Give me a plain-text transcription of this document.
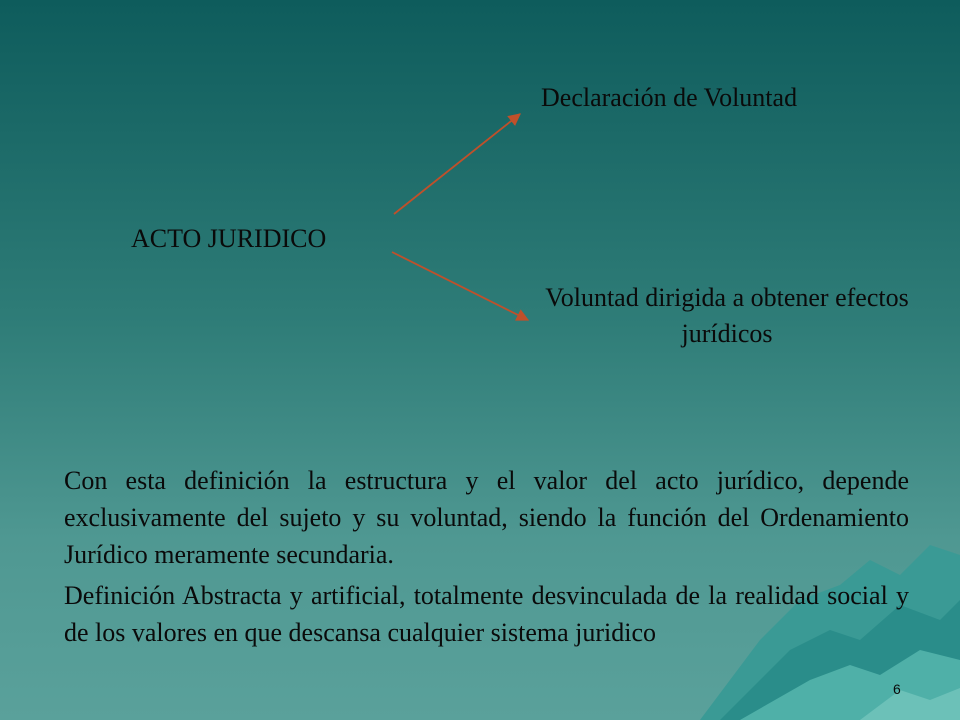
ACTO JURIDICO
Declaración de Voluntad
Voluntad dirigida a obtener efectos jurídicos

Con esta definición la estructura y el valor del acto jurídico, depende exclusivamente del sujeto y su voluntad, siendo la función del Ordenamiento Jurídico meramente secundaria.

Definición Abstracta y artificial, totalmente desvinculada de la realidad social y de los valores en que descansa cualquier sistema juridico

6
